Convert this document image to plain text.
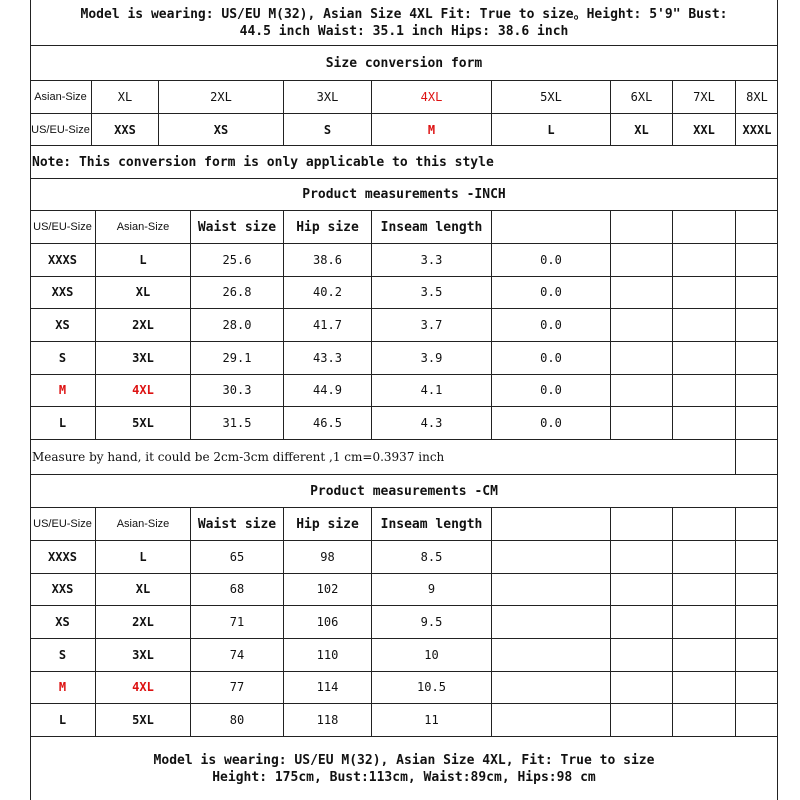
Model is wearing: US/EU M(32), Asian Size 4XL Fit: True to size。Height: 5'9" Bust:
44.5 inch Waist: 35.1 inch Hips: 38.6 inch
Size conversion form
Asian-Size	XL	2XL	3XL	4XL	5XL	6XL	7XL	8XL
US/EU-Size	XXS	XS	S	M	L	XL	XXL	XXXL
Note: This conversion form is only applicable to this style
Product measurements -INCH
US/EU-Size	Asian-Size	Waist size	Hip size	Inseam length
XXXS	L	25.6	38.6	3.3	0.0
XXS	XL	26.8	40.2	3.5	0.0
XS	2XL	28.0	41.7	3.7	0.0
S	3XL	29.1	43.3	3.9	0.0
M	4XL	30.3	44.9	4.1	0.0
L	5XL	31.5	46.5	4.3	0.0
Measure by hand, it could be 2cm-3cm different ,1 cm=0.3937 inch
Product measurements -CM
US/EU-Size	Asian-Size	Waist size	Hip size	Inseam length
XXXS	L	65	98	8.5
XXS	XL	68	102	9
XS	2XL	71	106	9.5
S	3XL	74	110	10
M	4XL	77	114	10.5
L	5XL	80	118	11
Model is wearing: US/EU M(32), Asian Size 4XL, Fit: True to size
Height: 175cm, Bust:113cm, Waist:89cm, Hips:98 cm
